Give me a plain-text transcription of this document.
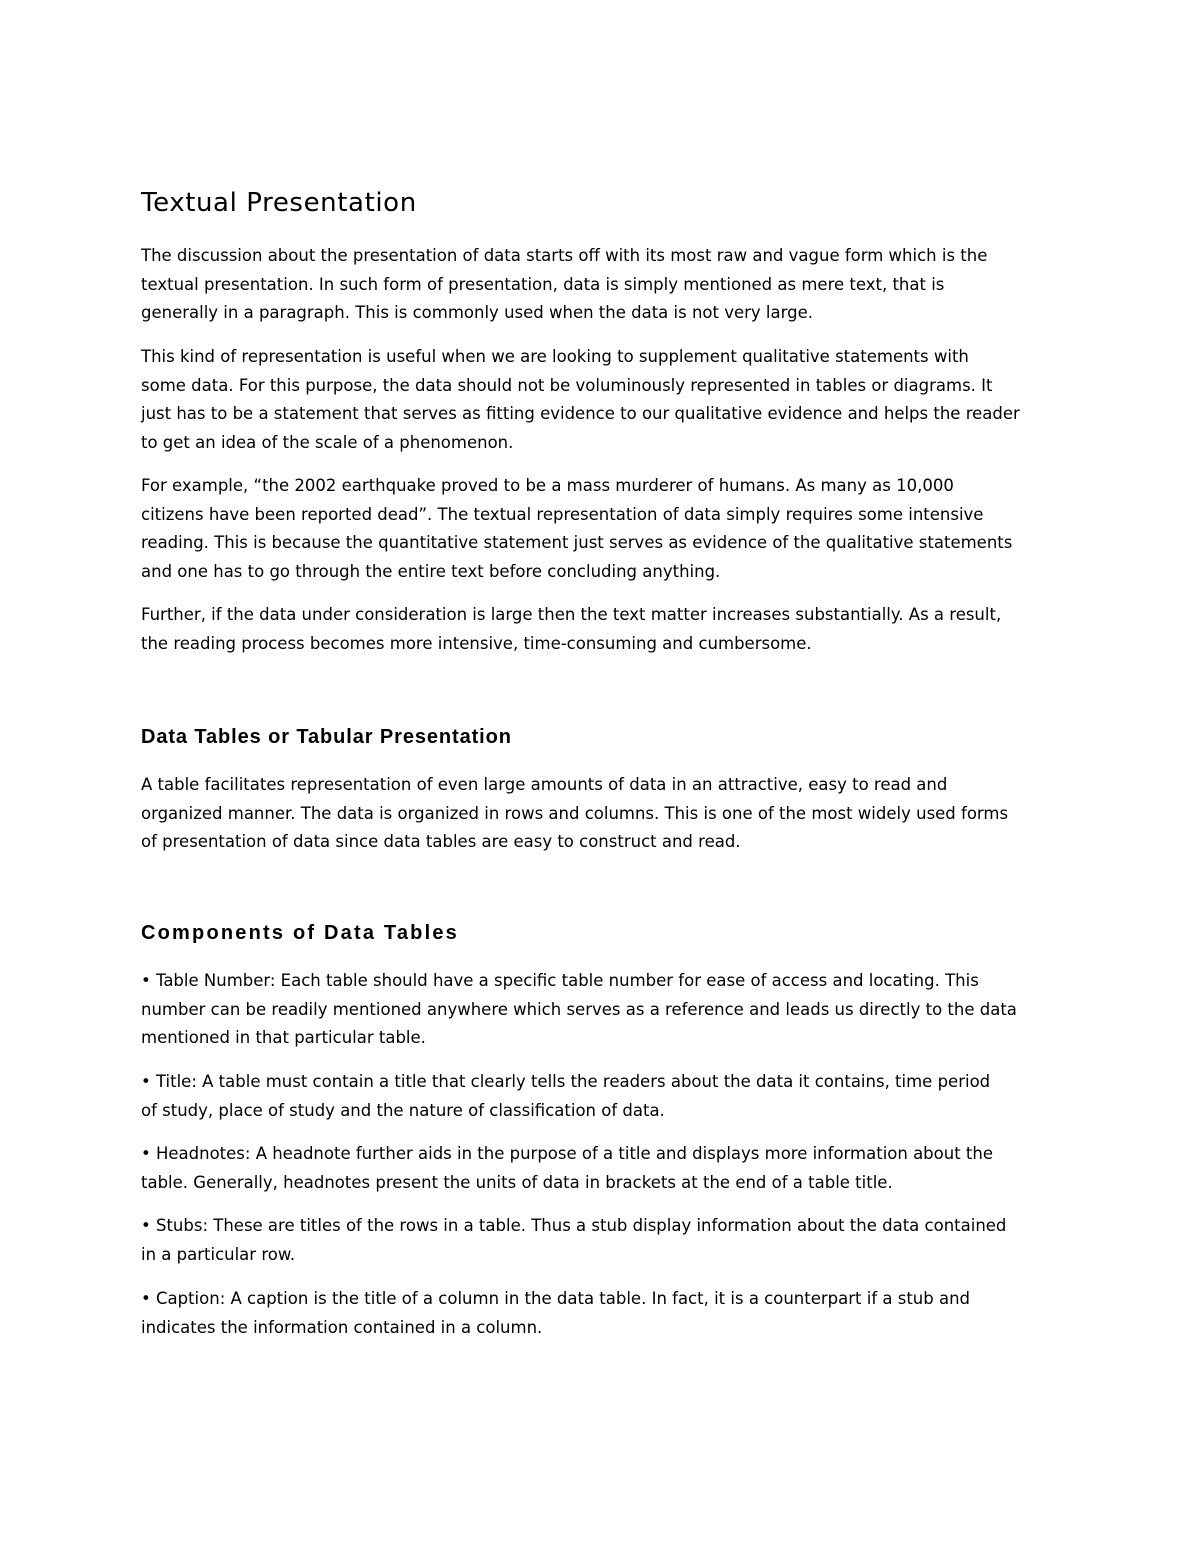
Textual Presentation

The discussion about the presentation of data starts off with its most raw and vague form which is the
textual presentation. In such form of presentation, data is simply mentioned as mere text, that is
generally in a paragraph. This is commonly used when the data is not very large.

This kind of representation is useful when we are looking to supplement qualitative statements with
some data. For this purpose, the data should not be voluminously represented in tables or diagrams. It
just has to be a statement that serves as fitting evidence to our qualitative evidence and helps the reader
to get an idea of the scale of a phenomenon.

For example, “the 2002 earthquake proved to be a mass murderer of humans. As many as 10,000
citizens have been reported dead”. The textual representation of data simply requires some intensive
reading. This is because the quantitative statement just serves as evidence of the qualitative statements
and one has to go through the entire text before concluding anything.

Further, if the data under consideration is large then the text matter increases substantially. As a result,
the reading process becomes more intensive, time-consuming and cumbersome.

Data Tables or Tabular Presentation

A table facilitates representation of even large amounts of data in an attractive, easy to read and
organized manner. The data is organized in rows and columns. This is one of the most widely used forms
of presentation of data since data tables are easy to construct and read.

Components of Data Tables

• Table Number: Each table should have a specific table number for ease of access and locating. This
number can be readily mentioned anywhere which serves as a reference and leads us directly to the data
mentioned in that particular table.

• Title: A table must contain a title that clearly tells the readers about the data it contains, time period
of study, place of study and the nature of classification of data.

• Headnotes: A headnote further aids in the purpose of a title and displays more information about the
table. Generally, headnotes present the units of data in brackets at the end of a table title.

• Stubs: These are titles of the rows in a table. Thus a stub display information about the data contained
in a particular row.

• Caption: A caption is the title of a column in the data table. In fact, it is a counterpart if a stub and
indicates the information contained in a column.
